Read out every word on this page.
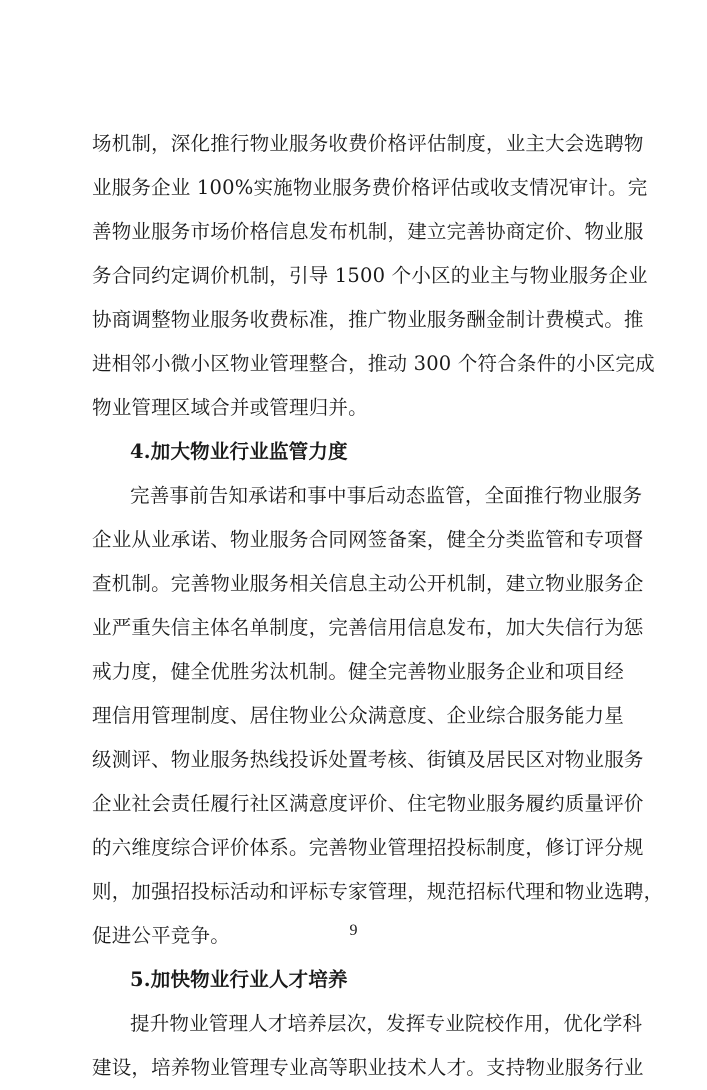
场机制，深化推行物业服务收费价格评估制度，业主大会选聘物
业服务企业 100%实施物业服务费价格评估或收支情况审计。完
善物业服务市场价格信息发布机制，建立完善协商定价、物业服
务合同约定调价机制，引导 1500 个小区的业主与物业服务企业
协商调整物业服务收费标准，推广物业服务酬金制计费模式。推
进相邻小微小区物业管理整合，推动 300 个符合条件的小区完成
物业管理区域合并或管理归并。
4.加大物业行业监管力度
完善事前告知承诺和事中事后动态监管，全面推行物业服务
企业从业承诺、物业服务合同网签备案，健全分类监管和专项督
查机制。完善物业服务相关信息主动公开机制，建立物业服务企
业严重失信主体名单制度，完善信用信息发布，加大失信行为惩
戒力度，健全优胜劣汰机制。健全完善物业服务企业和项目经
理信用管理制度、居住物业公众满意度、企业综合服务能力星
级测评、物业服务热线投诉处置考核、街镇及居民区对物业服务
企业社会责任履行社区满意度评价、住宅物业服务履约质量评价
的六维度综合评价体系。完善物业管理招投标制度，修订评分规
则，加强招投标活动和评标专家管理，规范招标代理和物业选聘，
促进公平竞争。
5.加快物业行业人才培养
提升物业管理人才培养层次，发挥专业院校作用，优化学科
建设，培养物业管理专业高等职业技术人才。支持物业服务行业
9
